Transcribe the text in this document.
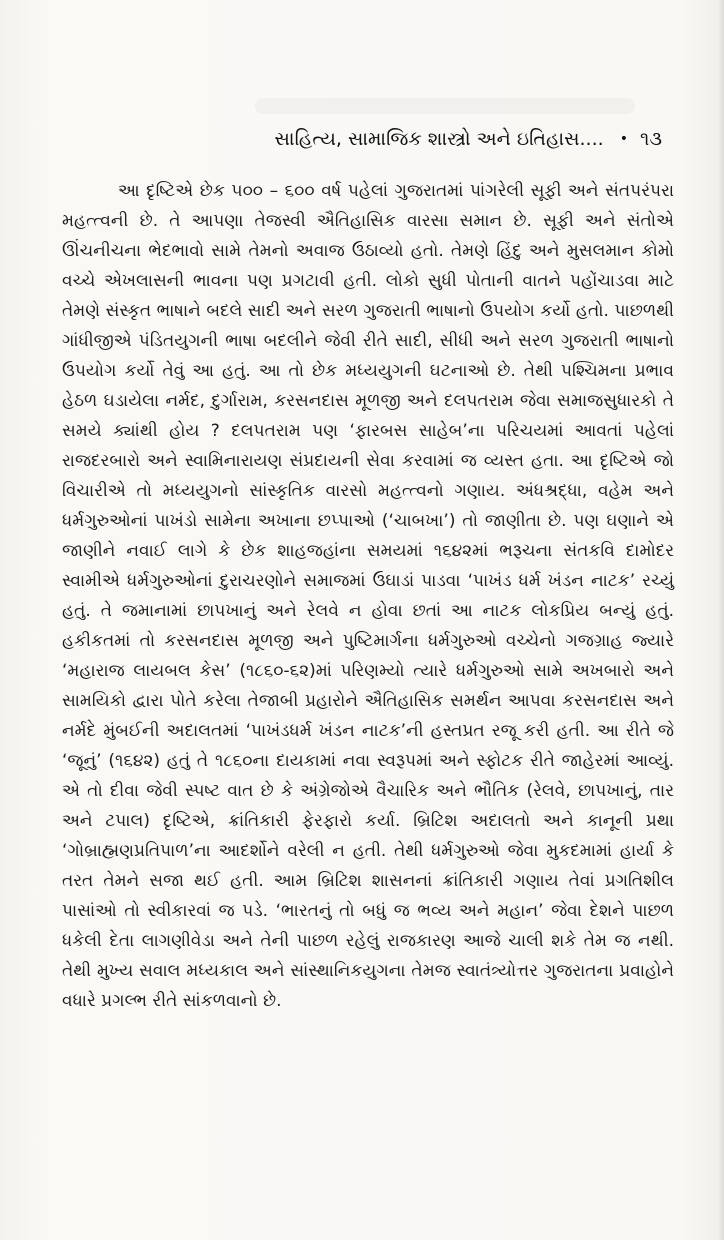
સાહિત્ય, સામાજિક શાસ્ત્રો અને ઇતિહાસ.... • ૧૩

આ દૃષ્ટિએ છેક ૫૦૦ – ૬૦૦ વર્ષ પહેલાં ગુજરાતમાં પાંગરેલી સૂફી અને સંતપરંપરા મહત્ત્વની છે. તે આપણા તેજસ્વી ઐતિહાસિક વારસા સમાન છે. સૂફી અને સંતોએ ઊંચનીચના ભેદભાવો સામે તેમનો અવાજ ઉઠાવ્યો હતો. તેમણે હિંદુ અને મુસલમાન કોમો વચ્ચે એખલાસની ભાવના પણ પ્રગટાવી હતી. લોકો સુધી પોતાની વાતને પહોંચાડવા માટે તેમણે સંસ્કૃત ભાષાને બદલે સાદી અને સરળ ગુજરાતી ભાષાનો ઉપયોગ કર્યો હતો. પાછળથી ગાંધીજીએ પંડિતયુગની ભાષા બદલીને જેવી રીતે સાદી, સીધી અને સરળ ગુજરાતી ભાષાનો ઉપયોગ કર્યો તેવું આ હતું. આ તો છેક મધ્યયુગની ઘટનાઓ છે. તેથી પશ્ચિમના પ્રભાવ હેઠળ ઘડાયેલા નર્મદ, દુર્ગારામ, કરસનદાસ મૂળજી અને દલપતરામ જેવા સમાજસુધારકો તે સમયે ક્યાંથી હોય ? દલપતરામ પણ ‘ફારબસ સાહેબ’ના પરિચયમાં આવતાં પહેલાં રાજદરબારો અને સ્વામિનારાયણ સંપ્રદાયની સેવા કરવામાં જ વ્યસ્ત હતા. આ દૃષ્ટિએ જો વિચારીએ તો મધ્યયુગનો સાંસ્કૃતિક વારસો મહત્ત્વનો ગણાય. અંધશ્રદ્ધા, વહેમ અને ધર્મગુરુઓનાં પાખંડો સામેના અખાના છપ્પાઓ (‘ચાબખા’) તો જાણીતા છે. પણ ઘણાને એ જાણીને નવાઈ લાગે કે છેક શાહજહાંના સમયમાં ૧૬૪૨માં ભરૂચના સંતકવિ દામોદર સ્વામીએ ધર્મગુરુઓનાં દુરાચરણોને સમાજમાં ઉઘાડાં પાડવા ‘પાખંડ ધર્મ ખંડન નાટક’ રચ્યું હતું. તે જમાનામાં છાપખાનું અને રેલવે ન હોવા છતાં આ નાટક લોકપ્રિય બન્યું હતું. હકીકતમાં તો કરસનદાસ મૂળજી અને પુષ્ટિમાર્ગના ધર્મગુરુઓ વચ્ચેનો ગજગ્રાહ જ્યારે ‘મહારાજ લાયબલ કેસ’ (૧૮૬૦-૬૨)માં પરિણમ્યો ત્યારે ધર્મગુરુઓ સામે અખબારો અને સામયિકો દ્વારા પોતે કરેલા તેજાબી પ્રહારોને ઐતિહાસિક સમર્થન આપવા કરસનદાસ અને નર્મદે મુંબઈની અદાલતમાં ‘પાખંડધર્મ ખંડન નાટક’ની હસ્તપ્રત રજૂ કરી હતી. આ રીતે જે ‘જૂનું’ (૧૬૪૨) હતું તે ૧૮૬૦ના દાયકામાં નવા સ્વરૂપમાં અને સ્ફોટક રીતે જાહેરમાં આવ્યું. એ તો દીવા જેવી સ્પષ્ટ વાત છે કે અંગ્રેજોએ વૈચારિક અને ભૌતિક (રેલવે, છાપખાનું, તાર અને ટપાલ) દૃષ્ટિએ, ક્રાંતિકારી ફેરફારો કર્યા. બ્રિટિશ અદાલતો અને કાનૂની પ્રથા ‘ગોબ્રાહ્મણપ્રતિપાળ’ના આદર્શોને વરેલી ન હતી. તેથી ધર્મગુરુઓ જેવા મુકદમામાં હાર્યા કે તરત તેમને સજા થઈ હતી. આમ બ્રિટિશ શાસનનાં ક્રાંતિકારી ગણાય તેવાં પ્રગતિશીલ પાસાંઓ તો સ્વીકારવાં જ પડે. ‘ભારતનું તો બધું જ ભવ્ય અને મહાન’ જેવા દેશને પાછળ ધકેલી દેતા લાગણીવેડા અને તેની પાછળ રહેલું રાજકારણ આજે ચાલી શકે તેમ જ નથી. તેથી મુખ્ય સવાલ મધ્યકાલ અને સાંસ્થાનિકયુગના તેમજ સ્વાતંત્ર્યોત્તર ગુજરાતના પ્રવાહોને વધારે પ્રગલ્ભ રીતે સાંકળવાનો છે.
